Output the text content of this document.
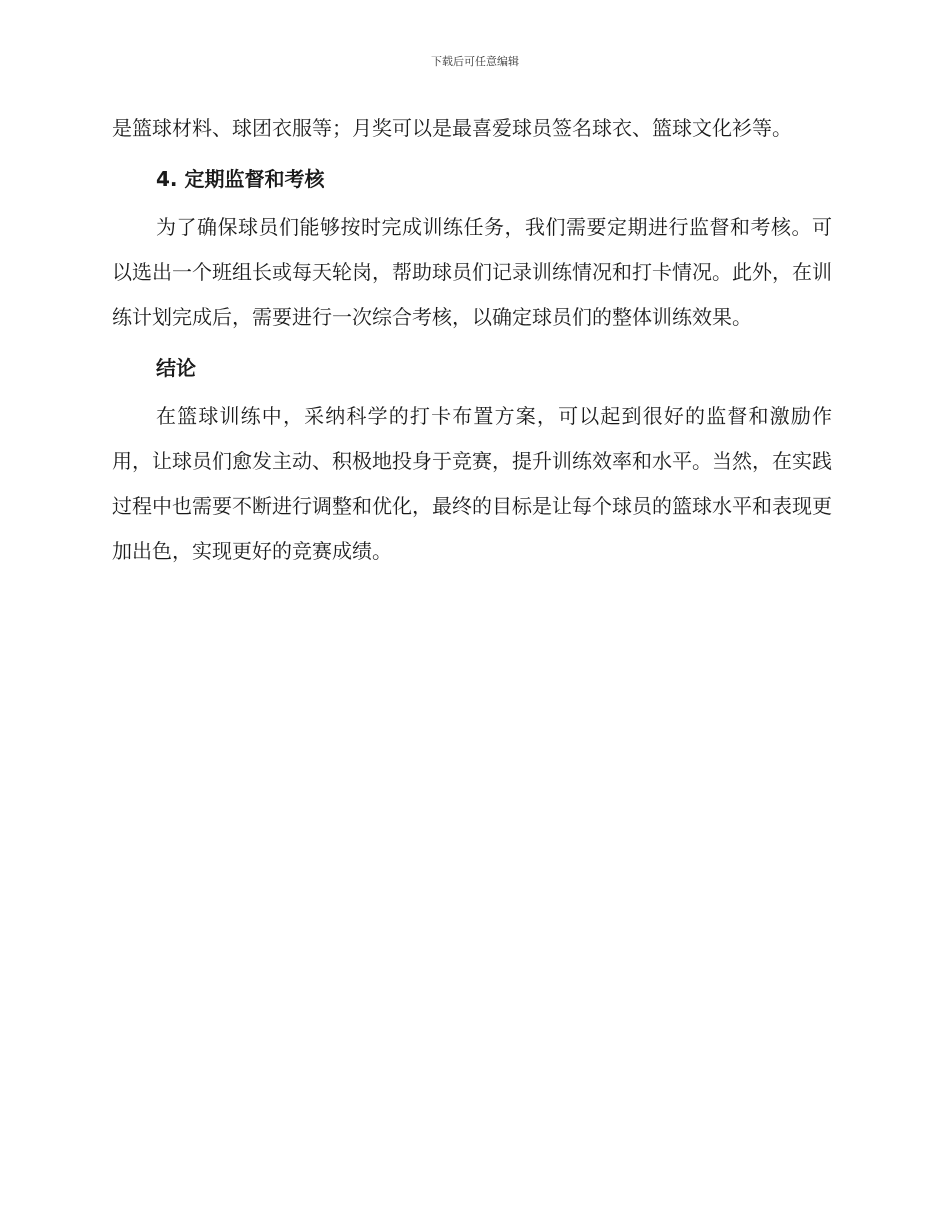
下载后可任意编辑

是篮球材料、球团衣服等；月奖可以是最喜爱球员签名球衣、篮球文化衫等。

4. 定期监督和考核

为了确保球员们能够按时完成训练任务，我们需要定期进行监督和考核。可以选出一个班组长或每天轮岗，帮助球员们记录训练情况和打卡情况。此外，在训练计划完成后，需要进行一次综合考核，以确定球员们的整体训练效果。

结论

在篮球训练中，采纳科学的打卡布置方案，可以起到很好的监督和激励作用，让球员们愈发主动、积极地投身于竞赛，提升训练效率和水平。当然，在实践过程中也需要不断进行调整和优化，最终的目标是让每个球员的篮球水平和表现更加出色，实现更好的竞赛成绩。
